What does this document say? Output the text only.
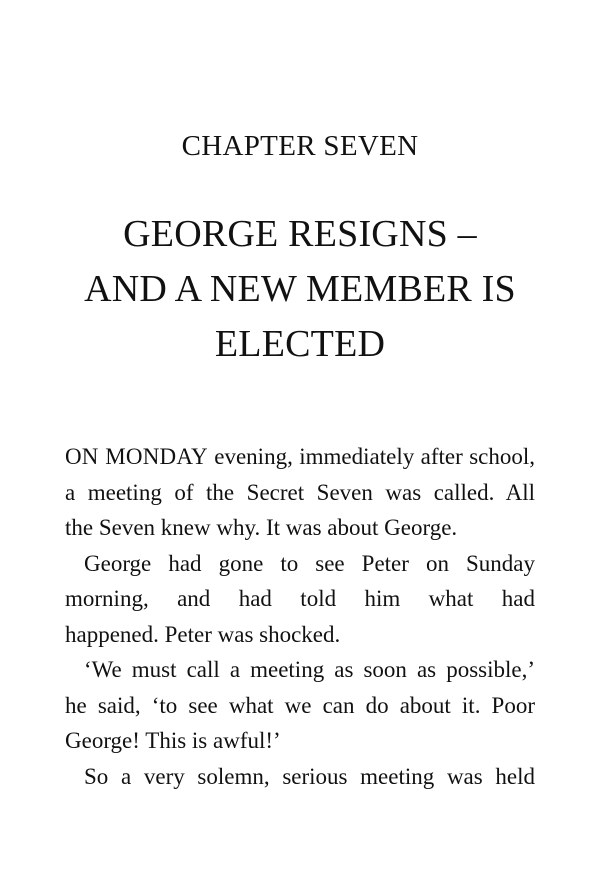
CHAPTER SEVEN
GEORGE RESIGNS –
AND A NEW MEMBER IS
ELECTED
ON MONDAY evening, immediately after school,
a meeting of the Secret Seven was called. All
the Seven knew why. It was about George.
George had gone to see Peter on Sunday
morning, and had told him what had
happened. Peter was shocked.
‘We must call a meeting as soon as possible,’
he said, ‘to see what we can do about it. Poor
George! This is awful!’
So a very solemn, serious meeting was held
